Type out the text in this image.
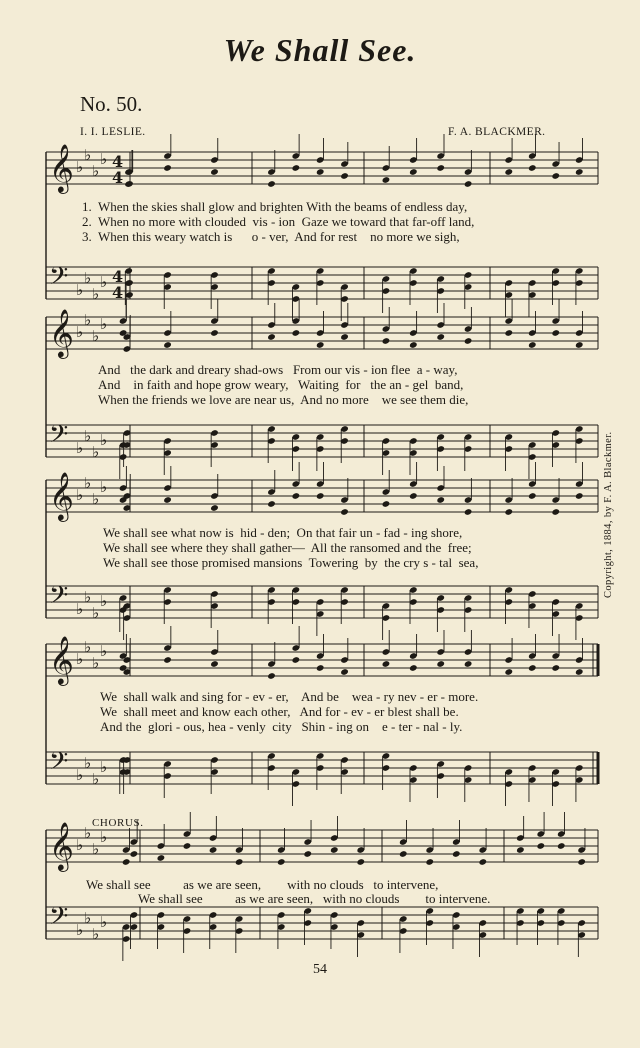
We Shall See.
No. 50.
I. I. LESLIE.	F. A. BLACKMER.
𝄞 ♭
♭
♭
♭ 4
4
𝄢 ♭
♭
♭
♭ 4
4
1.  When the skies shall glow and brighten With the beams of endless day,
2.  When no more with clouded  vis - ion  Gaze we toward that far-off land,
3.  When this weary watch is      o - ver,  And for rest    no more we sigh,
𝄞 ♭
♭
♭
♭
𝄢 ♭
♭
♭
♭
And   the dark and dreary shad-ows   From our vis - ion flee  a - way,
And    in faith and hope grow weary,   Waiting  for   the an - gel  band,
When the friends we love are near us,  And no more    we see them die,
𝄞 ♭
♭
♭
♭
𝄢 ♭
♭
♭
♭
We shall see what now is  hid - den;  On that fair un - fad - ing shore,
We shall see where they shall gather—  All the ransomed and the  free;
We shall see those promised mansions  Towering  by  the cry s - tal  sea,
𝄞 ♭
♭
♭
♭
𝄢 ♭
♭
♭
♭
We  shall walk and sing for - ev - er,    And be    wea - ry nev - er - more.
We  shall meet and know each other,   And for - ev - er blest shall be.
And the  glori - ous, hea - venly  city   Shin - ing on    e - ter - nal - ly.
CHORUS.
𝄞 ♭
♭
♭
♭
𝄢 ♭
♭
♭
♭
We shall see          as we are seen,        with no clouds   to intervene,
We shall see          as we are seen,   with no clouds        to intervene.
Copyright, 1884, by F. A. Blackmer.
54
